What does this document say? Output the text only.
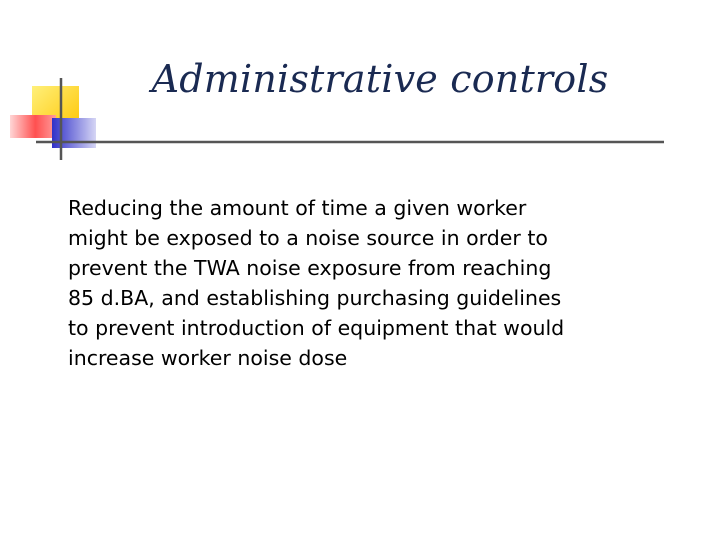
Administrative controls
Reducing the amount of time a given worker
might be exposed to a noise source in order to
prevent the TWA noise exposure from reaching
85 d.BA, and establishing purchasing guidelines
to prevent introduction of equipment that would
increase worker noise dose
